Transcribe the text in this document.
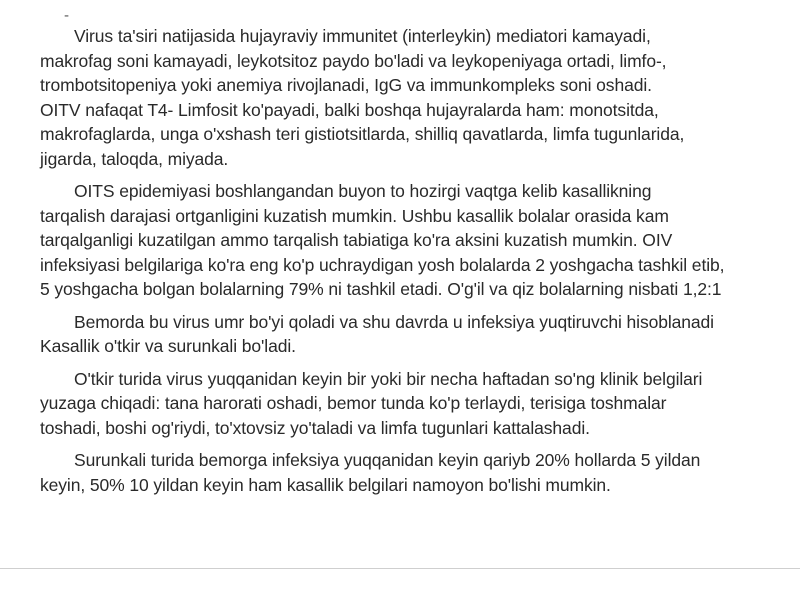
-
Virus ta'siri natijasida hujayraviy immunitet (interleykin) mediatori kamayadi,
makrofag soni kamayadi, leykotsitoz paydo bo'ladi va leykopeniyaga ortadi, limfo-,
trombotsitopeniya yoki anemiya rivojlanadi, IgG va immunkompleks soni oshadi.
OITV nafaqat T4- Limfosit ko'payadi, balki boshqa hujayralarda ham: monotsitda,
makrofaglarda, unga o'xshash teri gistiotsitlarda, shilliq qavatlarda, limfa tugunlarida,
jigarda, taloqda, miyada.
OITS epidemiyasi boshlangandan buyon to hozirgi vaqtga kelib kasallikning
tarqalish darajasi ortganligini kuzatish mumkin. Ushbu kasallik bolalar orasida kam
tarqalganligi kuzatilgan ammo tarqalish tabiatiga ko'ra aksini kuzatish mumkin. OIV
infeksiyasi belgilariga ko'ra eng ko'p uchraydigan yosh bolalarda 2 yoshgacha tashkil etib,
5 yoshgacha bolgan bolalarning 79% ni tashkil etadi. O'g'il va qiz bolalarning nisbati 1,2:1
Bemorda bu virus umr bo'yi qoladi va shu davrda u infeksiya yuqtiruvchi hisoblanadi
Kasallik o'tkir va surunkali bo'ladi.
O'tkir turida virus yuqqanidan keyin bir yoki bir necha haftadan so'ng klinik belgilari
yuzaga chiqadi: tana harorati oshadi, bemor tunda ko'p terlaydi, terisiga toshmalar
toshadi, boshi og'riydi, to'xtovsiz yo'taladi va limfa tugunlari kattalashadi.
Surunkali turida bemorga infeksiya yuqqanidan keyin qariyb 20% hollarda 5 yildan
keyin, 50% 10 yildan keyin ham kasallik belgilari namoyon bo'lishi mumkin.
